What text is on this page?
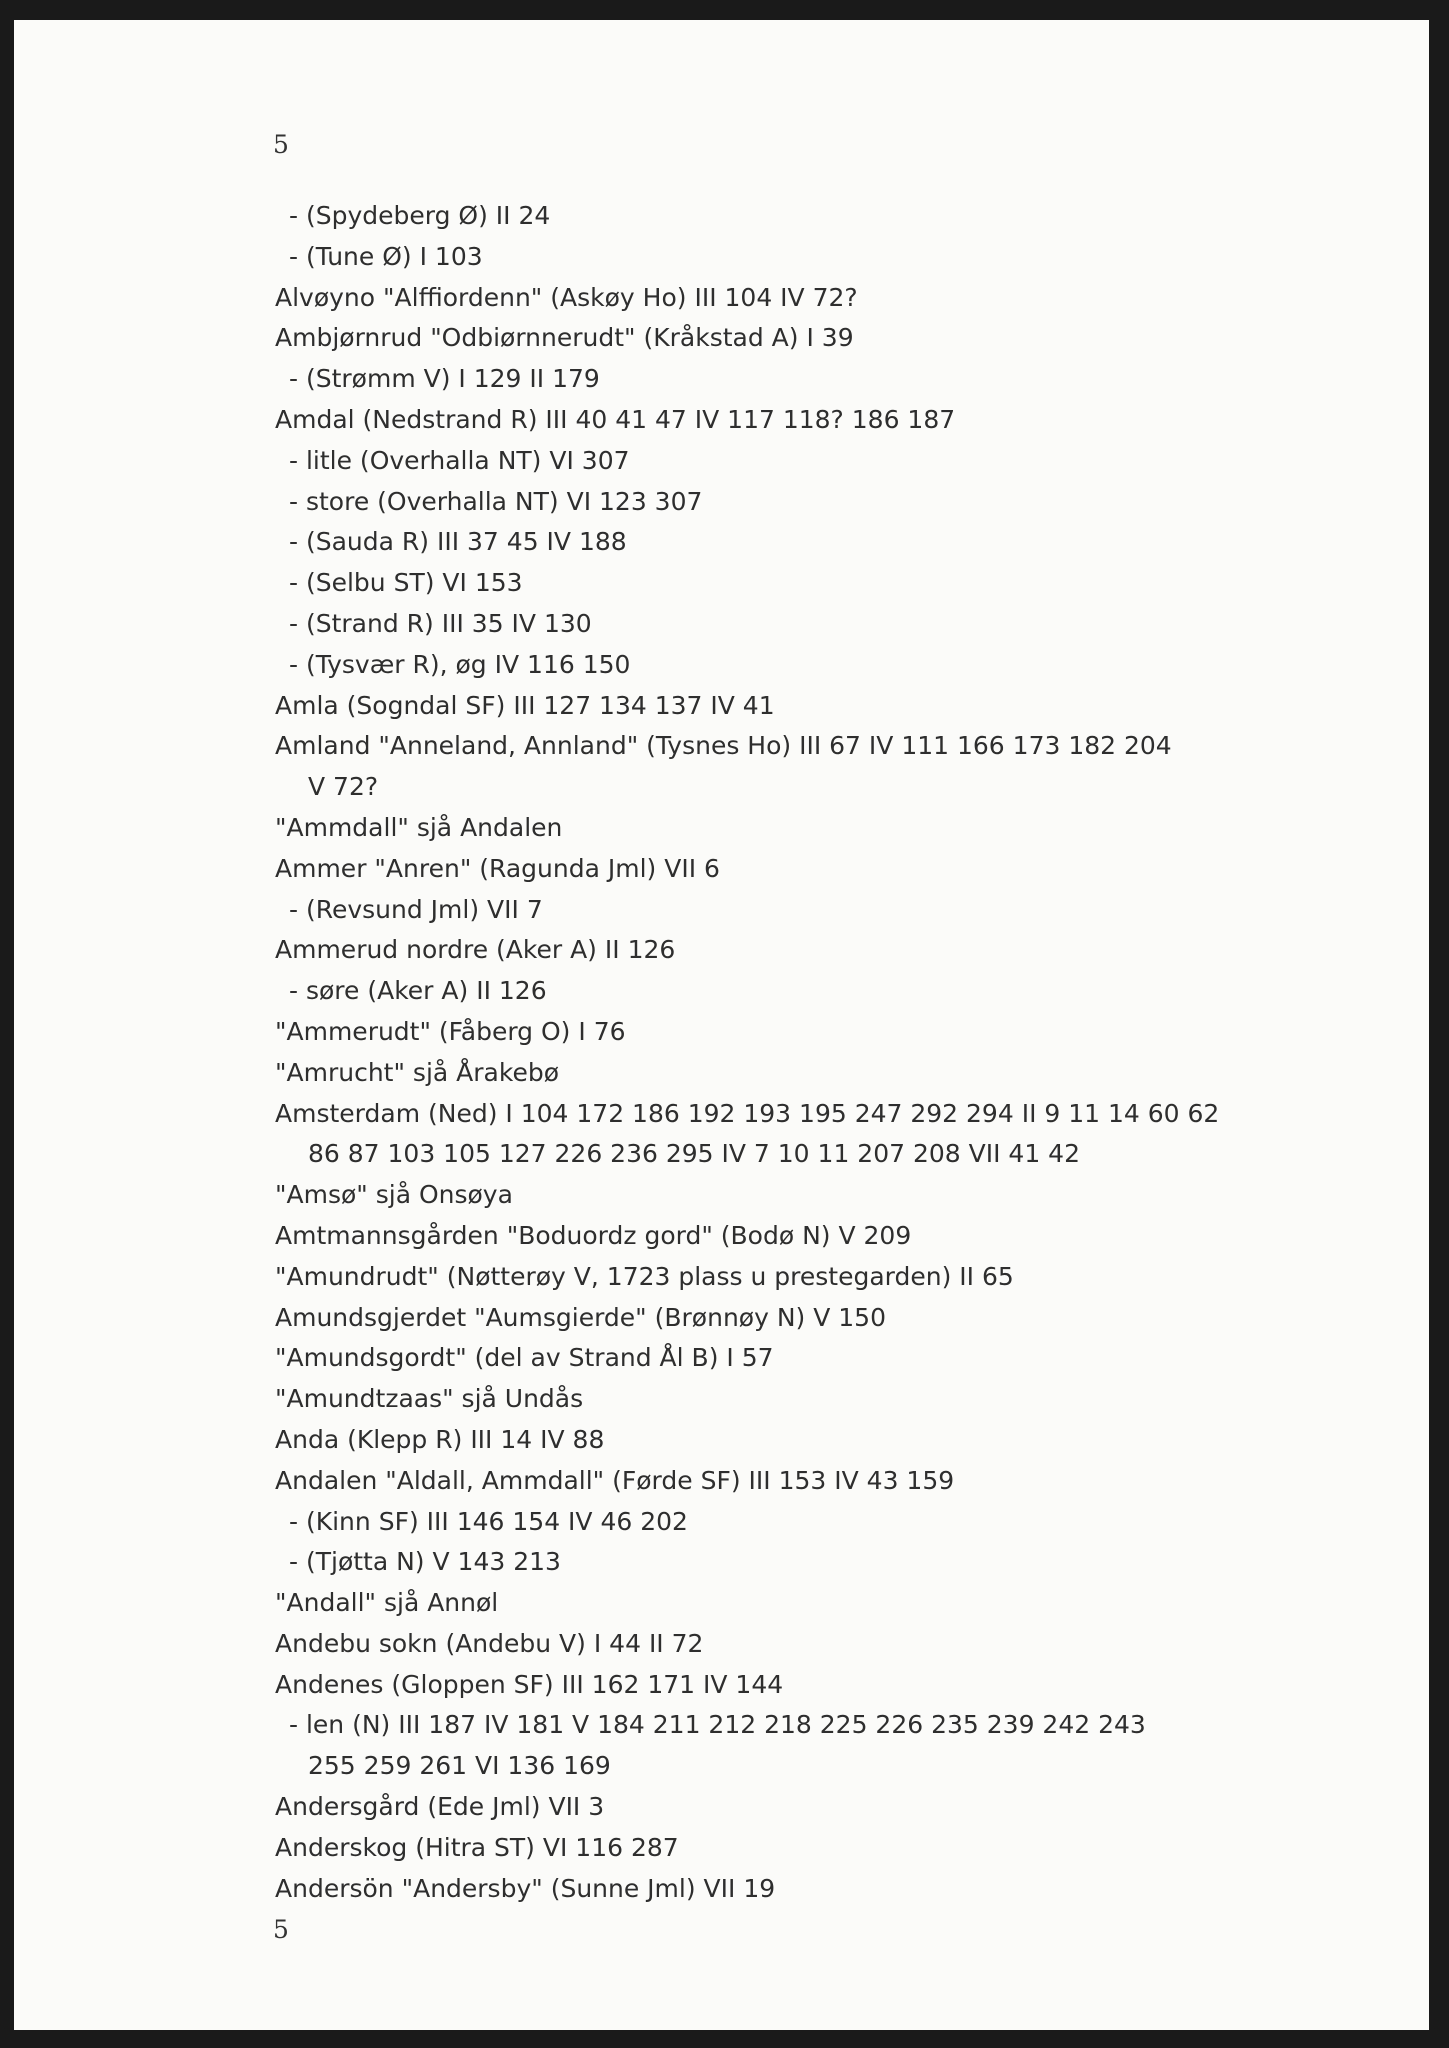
5
- (Spydeberg Ø) II 24
- (Tune Ø) I 103
Alvøyno "Alffiordenn" (Askøy Ho) III 104 IV 72?
Ambjørnrud "Odbiørnnerudt" (Kråkstad A) I 39
- (Strømm V) I 129 II 179
Amdal (Nedstrand R) III 40 41 47 IV 117 118? 186 187
- litle (Overhalla NT) VI 307
- store (Overhalla NT) VI 123 307
- (Sauda R) III 37 45 IV 188
- (Selbu ST) VI 153
- (Strand R) III 35 IV 130
- (Tysvær R), øg IV 116 150
Amla (Sogndal SF) III 127 134 137 IV 41
Amland "Anneland, Annland" (Tysnes Ho) III 67 IV 111 166 173 182 204
V 72?
"Ammdall" sjå Andalen
Ammer "Anren" (Ragunda Jml) VII 6
- (Revsund Jml) VII 7
Ammerud nordre (Aker A) II 126
- søre (Aker A) II 126
"Ammerudt" (Fåberg O) I 76
"Amrucht" sjå Årakebø
Amsterdam (Ned) I 104 172 186 192 193 195 247 292 294 II 9 11 14 60 62
86 87 103 105 127 226 236 295 IV 7 10 11 207 208 VII 41 42
"Amsø" sjå Onsøya
Amtmannsgården "Boduordz gord" (Bodø N) V 209
"Amundrudt" (Nøtterøy V, 1723 plass u prestegarden) II 65
Amundsgjerdet "Aumsgierde" (Brønnøy N) V 150
"Amundsgordt" (del av Strand Ål B) I 57
"Amundtzaas" sjå Undås
Anda (Klepp R) III 14 IV 88
Andalen "Aldall, Ammdall" (Førde SF) III 153 IV 43 159
- (Kinn SF) III 146 154 IV 46 202
- (Tjøtta N) V 143 213
"Andall" sjå Annøl
Andebu sokn (Andebu V) I 44 II 72
Andenes (Gloppen SF) III 162 171 IV 144
- len (N) III 187 IV 181 V 184 211 212 218 225 226 235 239 242 243
255 259 261 VI 136 169
Andersgård (Ede Jml) VII 3
Anderskog (Hitra ST) VI 116 287
Andersön "Andersby" (Sunne Jml) VII 19
5
